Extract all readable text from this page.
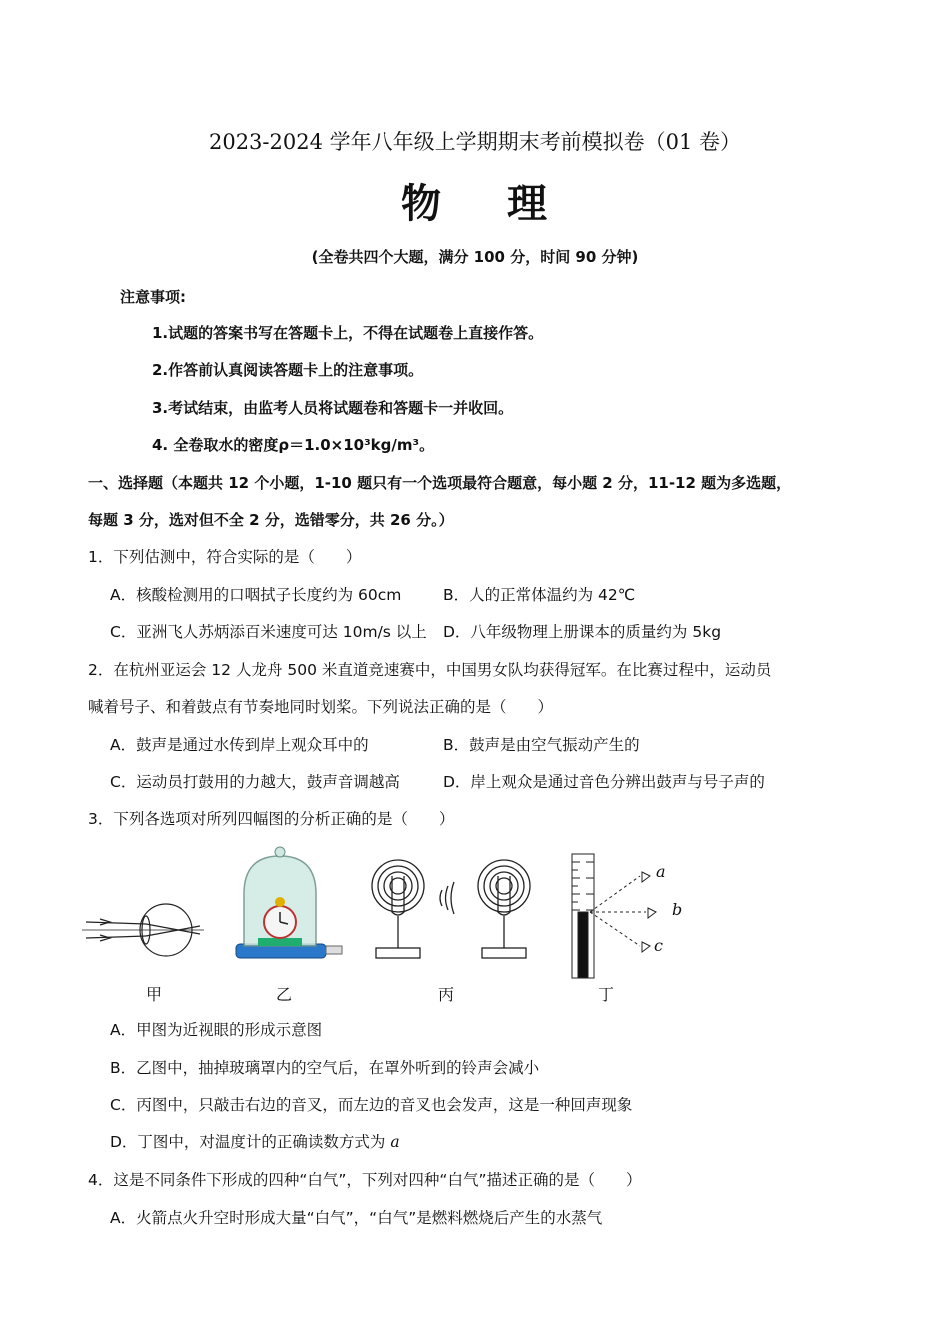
2023-2024 学年八年级上学期期末考前模拟卷（01 卷）
物 理
(全卷共四个大题，满分 100 分，时间 90 分钟)
注意事项:
1.试题的答案书写在答题卡上，不得在试题卷上直接作答。
2.作答前认真阅读答题卡上的注意事项。
3.考试结束，由监考人员将试题卷和答题卡一并收回。
4. 全卷取水的密度ρ＝1.0×10³kg/m³。
一、选择题（本题共 12 个小题，1-10 题只有一个选项最符合题意，每小题 2 分，11-12 题为多选题，
每题 3 分，选对但不全 2 分，选错零分，共 26 分。）
1．下列估测中，符合实际的是（　　）
A．核酸检测用的口咽拭子长度约为 60cm	B．人的正常体温约为 42℃
C．亚洲飞人苏炳添百米速度可达 10m/s 以上 D．八年级物理上册课本的质量约为 5kg
2．在杭州亚运会 12 人龙舟 500 米直道竞速赛中，中国男女队均获得冠军。在比赛过程中，运动员
喊着号子、和着鼓点有节奏地同时划桨。下列说法正确的是（　　）
A．鼓声是通过水传到岸上观众耳中的	B．鼓声是由空气振动产生的
C．运动员打鼓用的力越大，鼓声音调越高	D．岸上观众是通过音色分辨出鼓声与号子声的
3．下列各选项对所列四幅图的分析正确的是（　　）
甲	乙	丙
a
b
c
丁
A．甲图为近视眼的形成示意图
B．乙图中，抽掉玻璃罩内的空气后，在罩外听到的铃声会减小
C．丙图中，只敲击右边的音叉，而左边的音叉也会发声，这是一种回声现象
D．丁图中，对温度计的正确读数方式为 a
4．这是不同条件下形成的四种“白气”，下列对四种“白气”描述正确的是（　　）
A．火箭点火升空时形成大量“白气”，“白气”是燃料燃烧后产生的水蒸气
